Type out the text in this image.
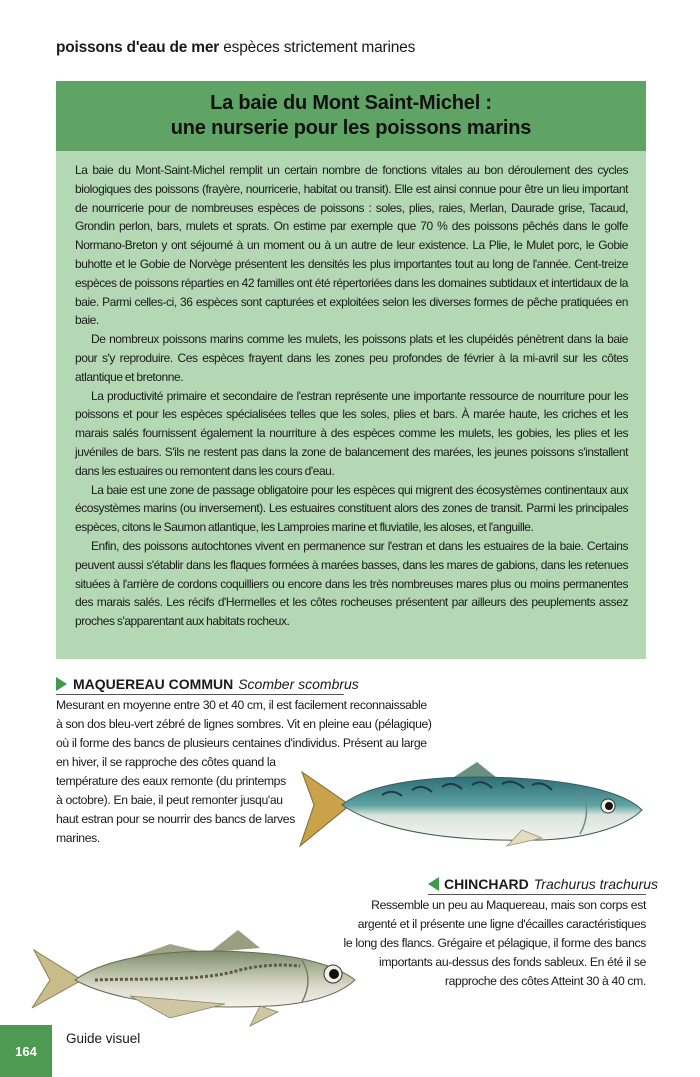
poissons d'eau de mer espèces strictement marines
La baie du Mont Saint-Michel :
une nurserie pour les poissons marins

La baie du Mont-Saint-Michel remplit un certain nombre de fonctions vitales au bon déroulement des cycles biologiques des poissons (frayère, nourricerie, habitat ou transit). Elle est ainsi connue pour être un lieu important de nourricerie pour de nombreuses espèces de poissons : soles, plies, raies, Merlan, Daurade grise, Tacaud, Grondin perlon, bars, mulets et sprats. On estime par exemple que 70 % des poissons pêchés dans le golfe Normano-Breton y ont séjourné à un moment ou à un autre de leur existence. La Plie, le Mulet porc, le Gobie buhotte et le Gobie de Norvège présentent les densités les plus importantes tout au long de l'année. Cent-treize espèces de poissons réparties en 42 familles ont été répertoriées dans les domaines subtidaux et intertidaux de la baie. Parmi celles-ci, 36 espèces sont capturées et exploitées selon les diverses formes de pêche pratiquées en baie.

De nombreux poissons marins comme les mulets, les poissons plats et les clupéidés pénètrent dans la baie pour s'y reproduire. Ces espèces frayent dans les zones peu profondes de février à la mi-avril sur les côtes atlantique et bretonne.

La productivité primaire et secondaire de l'estran représente une importante ressource de nourriture pour les poissons et pour les espèces spécialisées telles que les soles, plies et bars. À marée haute, les criches et les marais salés fournissent également la nourriture à des espèces comme les mulets, les gobies, les plies et les juvéniles de bars. S'ils ne restent pas dans la zone de balancement des marées, les jeunes poissons s'installent dans les estuaires ou remontent dans les cours d'eau.

La baie est une zone de passage obligatoire pour les espèces qui migrent des écosystèmes continentaux aux écosystèmes marins (ou inversement). Les estuaires constituent alors des zones de transit. Parmi les principales espèces, citons le Saumon atlantique, les Lamproies marine et fluviatile, les aloses, et l'anguille.

Enfin, des poissons autochtones vivent en permanence sur l'estran et dans les estuaires de la baie. Certains peuvent aussi s'établir dans les flaques formées à marées basses, dans les mares de gabions, dans les retenues situées à l'arrière de cordons coquilliers ou encore dans les très nombreuses mares plus ou moins permanentes des marais salés. Les récifs d'Hermelles et les côtes rocheuses présentent par ailleurs des peuplements assez proches s'apparentant aux habitats rocheux.

MAQUEREAU COMMUN Scomber scombrus
Mesurant en moyenne entre 30 et 40 cm, il est facilement reconnaissable
à son dos bleu-vert zébré de lignes sombres. Vit en pleine eau (pélagique)
où il forme des bancs de plusieurs centaines d'individus. Présent au large
en hiver, il se rapproche des côtes quand la
température des eaux remonte (du printemps
à octobre). En baie, il peut remonter jusqu'au
haut estran pour se nourrir des bancs de larves
marines.
CHINCHARD Trachurus trachurus
Ressemble un peu au Maquereau, mais son corps est
argenté et il présente une ligne d'écailles caractéristiques
le long des flancs. Grégaire et pélagique, il forme des bancs
importants au-dessus des fonds sableux. En été il se
rapproche des côtes Atteint 30 à 40 cm.
164
Guide visuel
